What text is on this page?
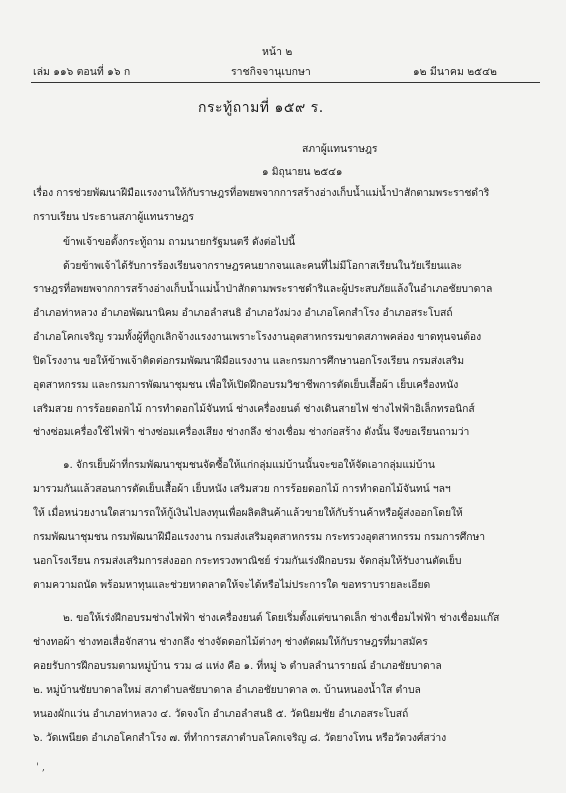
หน้า ๒
เล่ม ๑๑๖ ตอนที่ ๑๖ ก	ราชกิจจานุเบกษา	๑๒ มีนาคม ๒๕๔๒
กระทู้ถามที่ ๑๕๙ ร.
สภาผู้แทนราษฎร
๑ มิถุนายน ๒๕๔๑
เรื่อง การช่วยพัฒนาฝีมือแรงงานให้กับราษฎรที่อพยพจากการสร้างอ่างเก็บน้ำแม่น้ำป่าสักตามพระราชดำริ
กราบเรียน ประธานสภาผู้แทนราษฎร
ข้าพเจ้าขอตั้งกระทู้ถาม ถามนายกรัฐมนตรี ดังต่อไปนี้
ด้วยข้าพเจ้าได้รับการร้องเรียนจากราษฎรคนยากจนและคนที่ไม่มีโอกาสเรียนในวัยเรียนและ
ราษฎรที่อพยพจากการสร้างอ่างเก็บน้ำแม่น้ำป่าสักตามพระราชดำริและผู้ประสบภัยแล้งในอำเภอชัยบาดาล
อำเภอท่าหลวง อำเภอพัฒนานิคม อำเภอลำสนธิ อำเภอวังม่วง อำเภอโคกสำโรง อำเภอสระโบสถ์
อำเภอโคกเจริญ รวมทั้งผู้ที่ถูกเลิกจ้างแรงงานเพราะโรงงานอุตสาหกรรมขาดสภาพคล่อง ขาดทุนจนต้อง
ปิดโรงงาน ขอให้ข้าพเจ้าติดต่อกรมพัฒนาฝีมือแรงงาน และกรมการศึกษานอกโรงเรียน กรมส่งเสริม
อุตสาหกรรม และกรมการพัฒนาชุมชน เพื่อให้เปิดฝึกอบรมวิชาชีพการตัดเย็บเสื้อผ้า เย็บเครื่องหนัง
เสริมสวย การร้อยดอกไม้ การทำดอกไม้จันทน์ ช่างเครื่องยนต์ ช่างเดินสายไฟ ช่างไฟฟ้าอิเล็กทรอนิกส์
ช่างซ่อมเครื่องใช้ไฟฟ้า ช่างซ่อมเครื่องเสียง ช่างกลึง ช่างเชื่อม ช่างก่อสร้าง ดังนั้น จึงขอเรียนถามว่า
๑. จักรเย็บผ้าที่กรมพัฒนาชุมชนจัดซื้อให้แก่กลุ่มแม่บ้านนั้นจะขอให้จัดเอากลุ่มแม่บ้าน
มารวมกันแล้วสอนการตัดเย็บเสื้อผ้า เย็บหนัง เสริมสวย การร้อยดอกไม้ การทำดอกไม้จันทน์ ฯลฯ
ให้ เมื่อหน่วยงานใดสามารถให้กู้เงินไปลงทุนเพื่อผลิตสินค้าแล้วขายให้กับร้านค้าหรือผู้ส่งออกโดยให้
กรมพัฒนาชุมชน กรมพัฒนาฝีมือแรงงาน กรมส่งเสริมอุตสาหกรรม กระทรวงอุตสาหกรรม กรมการศึกษา
นอกโรงเรียน กรมส่งเสริมการส่งออก กระทรวงพาณิชย์ ร่วมกันเร่งฝึกอบรม จัดกลุ่มให้รับงานตัดเย็บ
ตามความถนัด พร้อมหาทุนและช่วยหาตลาดให้จะได้หรือไม่ประการใด ขอทราบรายละเอียด
๒. ขอให้เร่งฝึกอบรมช่างไฟฟ้า ช่างเครื่องยนต์ โดยเริ่มตั้งแต่ขนาดเล็ก ช่างเชื่อมไฟฟ้า ช่างเชื่อมแก๊ส
ช่างทอผ้า ช่างทอเสื่อจักสาน ช่างกลึง ช่างจัดดอกไม้ต่างๆ ช่างตัดผมให้กับราษฎรที่มาสมัคร
คอยรับการฝึกอบรมตามหมู่บ้าน รวม ๘ แห่ง คือ ๑. ที่หมู่ ๖ ตำบลลำนารายณ์ อำเภอชัยบาดาล
๒. หมู่บ้านชัยบาดาลใหม่ สภาตำบลชัยบาดาล อำเภอชัยบาดาล ๓. บ้านหนองน้ำใส ตำบล
หนองผักแว่น อำเภอท่าหลวง ๔. วัดจงโก อำเภอลำสนธิ ๕. วัดนิยมชัย อำเภอสระโบสถ์
๖. วัดเพนียด อำเภอโคกสำโรง ๗. ที่ทำการสภาตำบลโคกเจริญ ๘. วัดยางโทน หรือวัดวงศ์สว่าง
' ,
